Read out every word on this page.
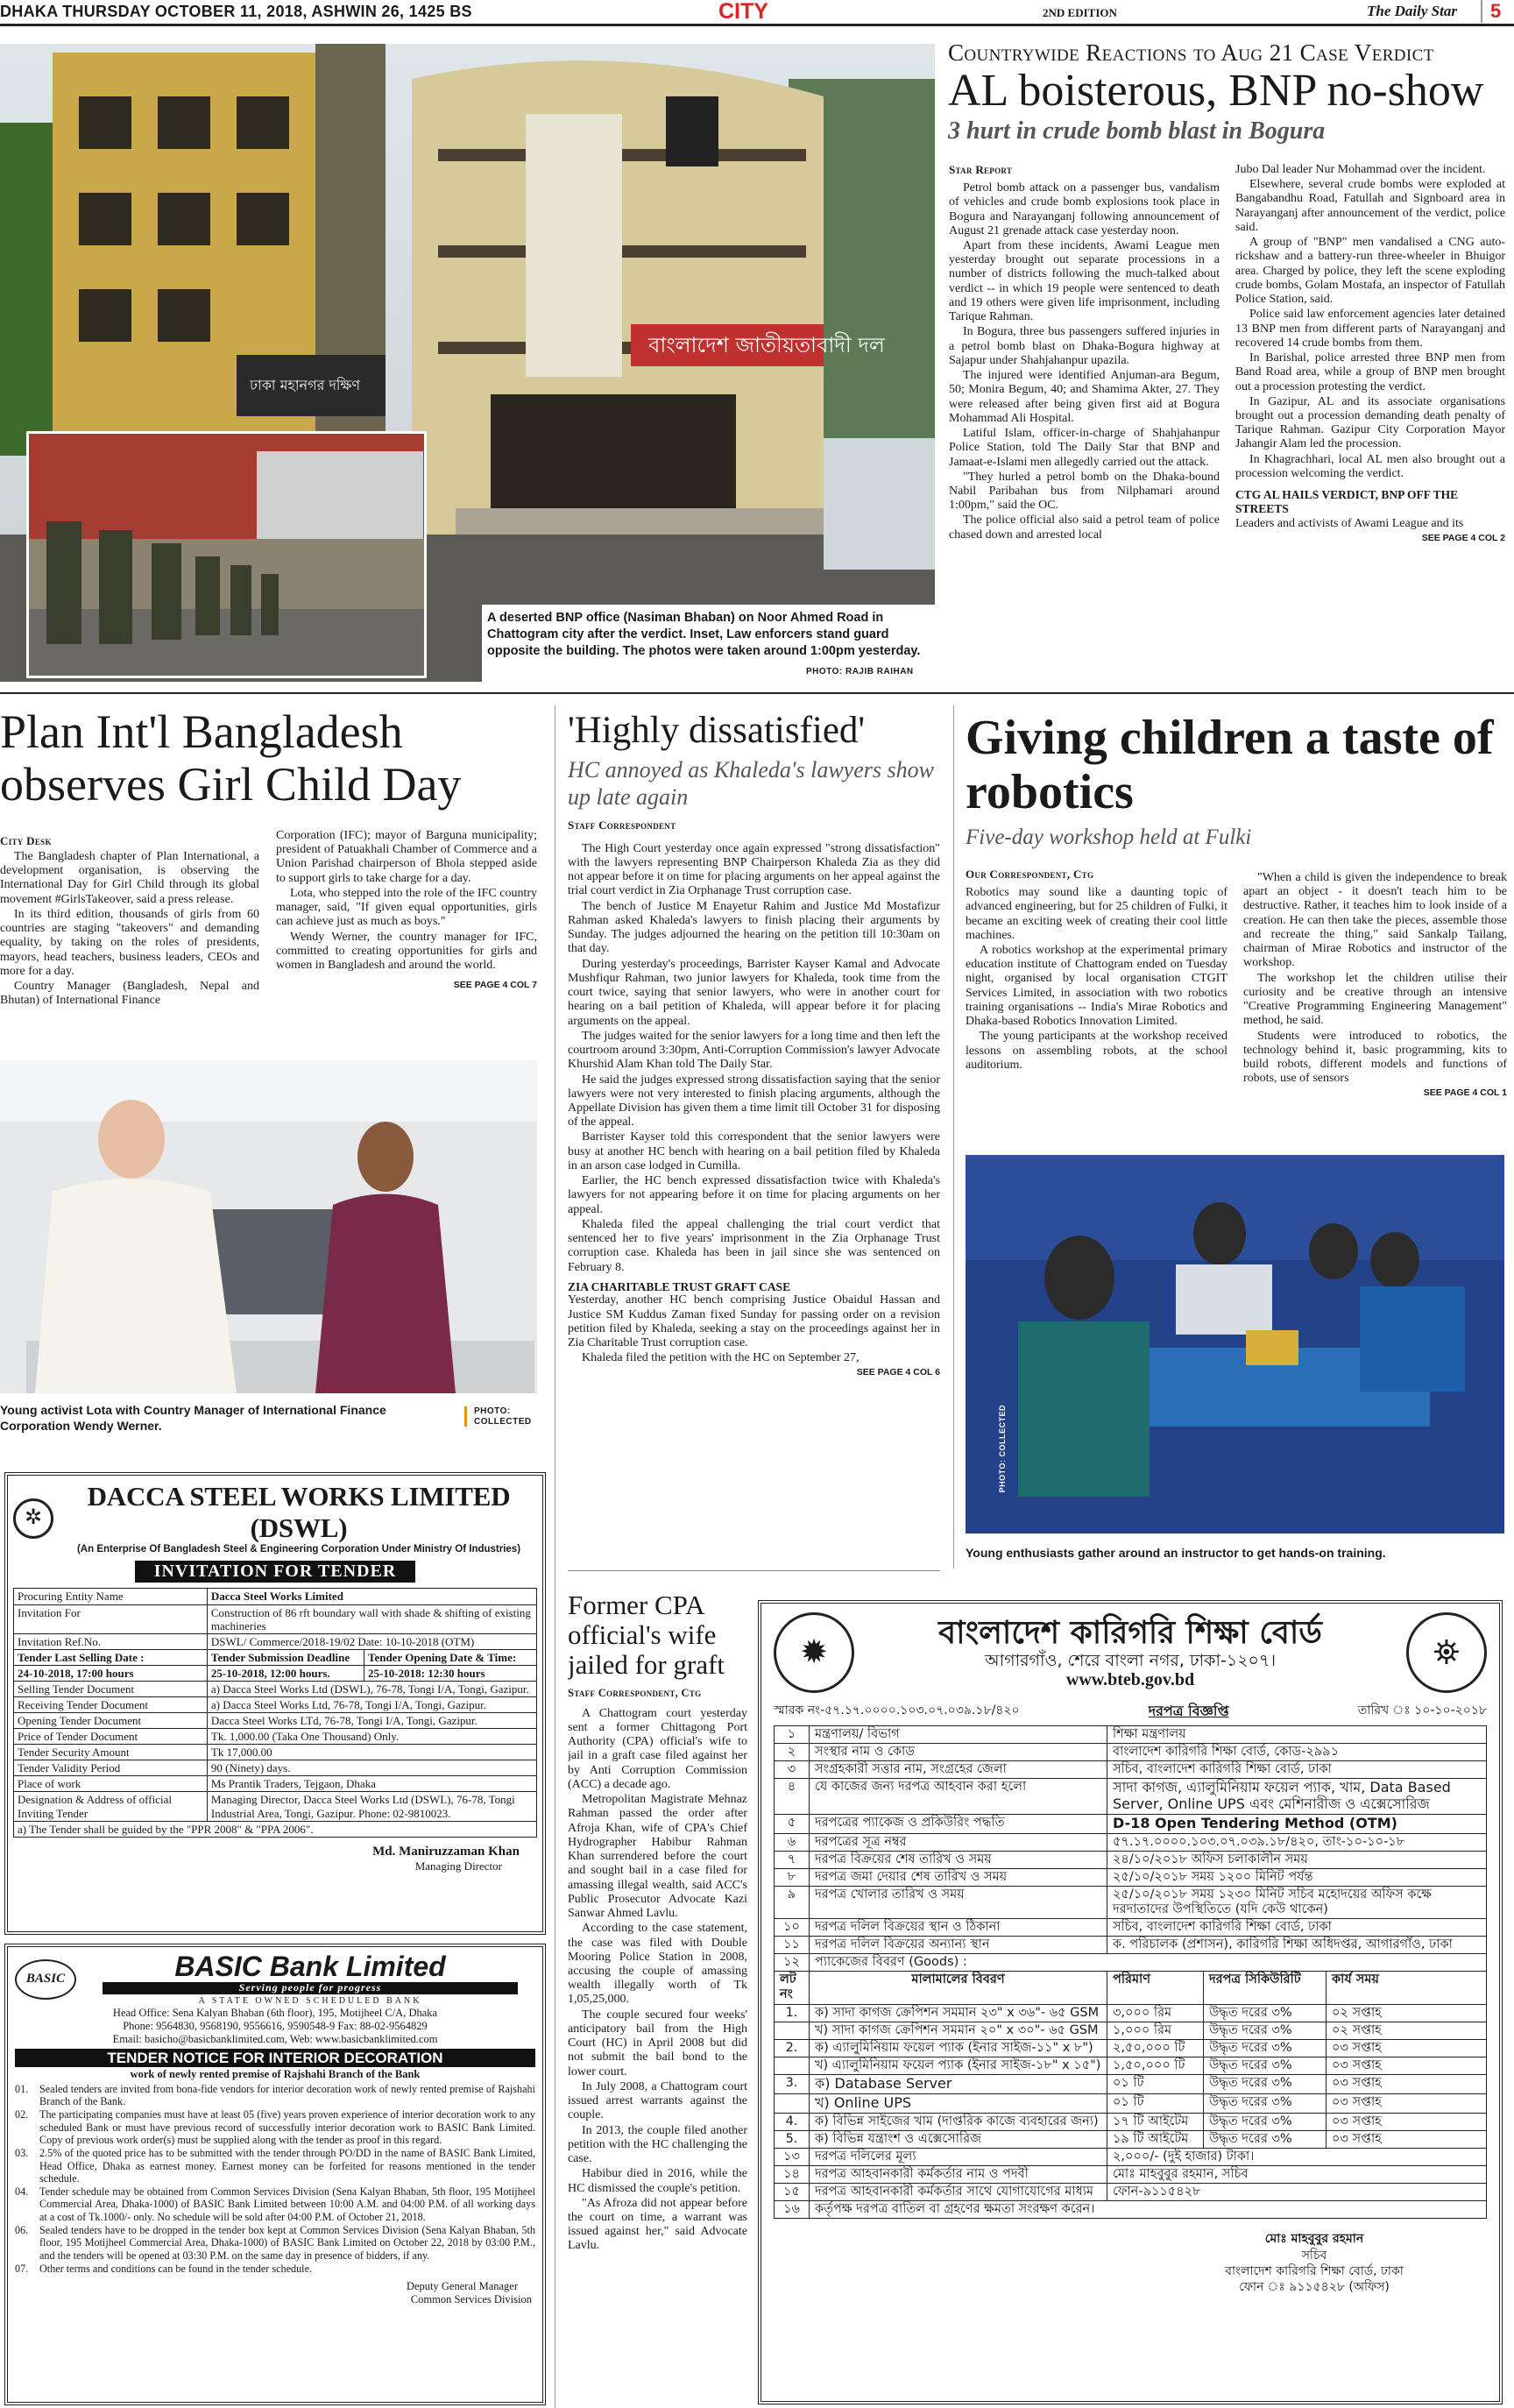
DHAKA THURSDAY OCTOBER 11, 2018, ASHWIN 26, 1425 BS	CITY	2ND EDITION	The Daily Star	5
বাংলাদেশ জাতীয়তাবাদী দল
ঢাকা মহানগর দক্ষিণ
A deserted BNP office (Nasiman Bhaban) on Noor Ahmed Road in Chattogram city after the verdict. Inset, Law enforcers stand guard opposite the building. The photos were taken around 1:00pm yesterday.
PHOTO: RAJIB RAIHAN
Countrywide Reactions to Aug 21 Case Verdict
AL boisterous, BNP no-show
3 hurt in crude bomb blast in Bogura
Star Report

Petrol bomb attack on a passenger bus, vandalism of vehicles and crude bomb explosions took place in Bogura and Narayanganj following announcement of August 21 grenade attack case yesterday noon.

Apart from these incidents, Awami League men yesterday brought out separate processions in a number of districts following the much-talked about verdict -- in which 19 people were sentenced to death and 19 others were given life imprisonment, including Tarique Rahman.

In Bogura, three bus passengers suffered injuries in a petrol bomb blast on Dhaka-Bogura highway at Sajapur under Shahjahanpur upazila.

The injured were identified Anjuman-ara Begum, 50; Monira Begum, 40; and Shamima Akter, 27. They were released after being given first aid at Bogura Mohammad Ali Hospital.

Latiful Islam, officer-in-charge of Shahjahanpur Police Station, told The Daily Star that BNP and Jamaat-e-Islami men allegedly carried out the attack.

"They hurled a petrol bomb on the Dhaka-bound Nabil Paribahan bus from Nilphamari around 1:00pm," said the OC.

The police official also said a petrol team of police chased down and arrested local

Jubo Dal leader Nur Mohammad over the incident.

Elsewhere, several crude bombs were exploded at Bangabandhu Road, Fatullah and Signboard area in Narayanganj after announcement of the verdict, police said.

A group of "BNP" men vandalised a CNG auto-rickshaw and a battery-run three-wheeler in Bhuigor area. Charged by police, they left the scene exploding crude bombs, Golam Mostafa, an inspector of Fatullah Police Station, said.

Police said law enforcement agencies later detained 13 BNP men from different parts of Narayanganj and recovered 14 crude bombs from them.

In Barishal, police arrested three BNP men from Band Road area, while a group of BNP men brought out a procession protesting the verdict.

In Gazipur, AL and its associate organisations brought out a procession demanding death penalty of Tarique Rahman. Gazipur City Corporation Mayor Jahangir Alam led the procession.

In Khagrachhari, local AL men also brought out a procession welcoming the verdict.

CTG AL HAILS VERDICT, BNP OFF THE STREETS

Leaders and activists of Awami League and its

SEE PAGE 4 COL 2
Plan Int'l Bangladesh observes Girl Child Day
City Desk

The Bangladesh chapter of Plan International, a development organisation, is observing the International Day for Girl Child through its global movement #GirlsTakeover, said a press release.

In its third edition, thousands of girls from 60 countries are staging "takeovers" and demanding equality, by taking on the roles of presidents, mayors, head teachers, business leaders, CEOs and more for a day.

Country Manager (Bangladesh, Nepal and Bhutan) of International Finance

Corporation (IFC); mayor of Barguna municipality; president of Patuakhali Chamber of Commerce and a Union Parishad chairperson of Bhola stepped aside to support girls to take charge for a day.

Lota, who stepped into the role of the IFC country manager, said, "If given equal opportunities, girls can achieve just as much as boys."

Wendy Werner, the country manager for IFC, committed to creating opportunities for girls and women in Bangladesh and around the world.

SEE PAGE 4 COL 7
Young activist Lota with Country Manager of International Finance Corporation Wendy Werner.
PHOTO: COLLECTED
'Highly dissatisfied'
HC annoyed as Khaleda's lawyers show up late again
Staff Correspondent

The High Court yesterday once again expressed "strong dissatisfaction" with the lawyers representing BNP Chairperson Khaleda Zia as they did not appear before it on time for placing arguments on her appeal against the trial court verdict in Zia Orphanage Trust corruption case.

The bench of Justice M Enayetur Rahim and Justice Md Mostafizur Rahman asked Khaleda's lawyers to finish placing their arguments by Sunday. The judges adjourned the hearing on the petition till 10:30am on that day.

During yesterday's proceedings, Barrister Kayser Kamal and Advocate Mushfiqur Rahman, two junior lawyers for Khaleda, took time from the court twice, saying that senior lawyers, who were in another court for hearing on a bail petition of Khaleda, will appear before it for placing arguments on the appeal.

The judges waited for the senior lawyers for a long time and then left the courtroom around 3:30pm, Anti-Corruption Commission's lawyer Advocate Khurshid Alam Khan told The Daily Star.

He said the judges expressed strong dissatisfaction saying that the senior lawyers were not very interested to finish placing arguments, although the Appellate Division has given them a time limit till October 31 for disposing of the appeal.

Barrister Kayser told this correspondent that the senior lawyers were busy at another HC bench with hearing on a bail petition filed by Khaleda in an arson case lodged in Cumilla.

Earlier, the HC bench expressed dissatisfaction twice with Khaleda's lawyers for not appearing before it on time for placing arguments on her appeal.

Khaleda filed the appeal challenging the trial court verdict that sentenced her to five years' imprisonment in the Zia Orphanage Trust corruption case. Khaleda has been in jail since she was sentenced on February 8.

ZIA CHARITABLE TRUST GRAFT CASE

Yesterday, another HC bench comprising Justice Obaidul Hassan and Justice SM Kuddus Zaman fixed Sunday for passing order on a revision petition filed by Khaleda, seeking a stay on the proceedings against her in Zia Charitable Trust corruption case.

Khaleda filed the petition with the HC on September 27,

SEE PAGE 4 COL 6
Giving children a taste of robotics
Five-day workshop held at Fulki
Our Correspondent, Ctg

Robotics may sound like a daunting topic of advanced engineering, but for 25 children of Fulki, it became an exciting week of creating their cool little machines.

A robotics workshop at the experimental primary education institute of Chattogram ended on Tuesday night, organised by local organisation CTGIT Services Limited, in association with two robotics training organisations -- India's Mirae Robotics and Dhaka-based Robotics Innovation Limited.

The young participants at the workshop received lessons on assembling robots, at the school auditorium.

"When a child is given the independence to break apart an object - it doesn't teach him to be destructive. Rather, it teaches him to look inside of a creation. He can then take the pieces, assemble those and recreate the thing," said Sankalp Tailang, chairman of Mirae Robotics and instructor of the workshop.

The workshop let the children utilise their curiosity and be creative through an intensive "Creative Programming Engineering Management" method, he said.

Students were introduced to robotics, the technology behind it, basic programming, kits to build robots, different models and functions of robots, use of sensors

SEE PAGE 4 COL 1
PHOTO: COLLECTED
Young enthusiasts gather around an instructor to get hands-on training.
Former CPA official's wife jailed for graft
Staff Correspondent, Ctg

A Chattogram court yesterday sent a former Chittagong Port Authority (CPA) official's wife to jail in a graft case filed against her by Anti Corruption Commission (ACC) a decade ago.

Metropolitan Magistrate Mehnaz Rahman passed the order after Afroja Khan, wife of CPA's Chief Hydrographer Habibur Rahman Khan surrendered before the court and sought bail in a case filed for amassing illegal wealth, said ACC's Public Prosecutor Advocate Kazi Sanwar Ahmed Lavlu.

According to the case statement, the case was filed with Double Mooring Police Station in 2008, accusing the couple of amassing wealth illegally worth of Tk 1,05,25,000.

The couple secured four weeks' anticipatory bail from the High Court (HC) in April 2008 but did not submit the bail bond to the lower court.

In July 2008, a Chattogram court issued arrest warrants against the couple.

In 2013, the couple filed another petition with the HC challenging the case.

Habibur died in 2016, while the HC dismissed the couple's petition.

"As Afroza did not appear before the court on time, a warrant was issued against her," said Advocate Lavlu.

✲
DACCA STEEL WORKS LIMITED (DSWL)
(An Enterprise Of Bangladesh Steel & Engineering Corporation Under Ministry Of Industries)
INVITATION FOR TENDER
Procuring Entity Name	Dacca Steel Works Limited	
Invitation For	Construction of 86 rft boundary wall with shade & shifting of existing machineries	
Invitation Ref.No.	DSWL/ Commerce/2018-19/02 Date: 10-10-2018 (OTM)	
Tender Last Selling Date :	Tender Submission Deadline	Tender Opening Date & Time:
24-10-2018, 17:00 hours	25-10-2018, 12:00 hours.	25-10-2018: 12:30 hours
Selling Tender Document	a) Dacca Steel Works Ltd (DSWL), 76-78, Tongi I/A, Tongi, Gazipur.	
Receiving Tender Document	a) Dacca Steel Works Ltd, 76-78, Tongi I/A, Tongi, Gazipur.	
Opening Tender Document	Dacca Steel Works LTd, 76-78, Tongi I/A, Tongi, Gazipur.	
Price of Tender Document	Tk. 1,000.00 (Taka One Thousand) Only.	
Tender Security Amount	Tk 17,000.00	
Tender Validity Period	90 (Ninety) days.	
Place of work	Ms Prantik Traders, Tejgaon, Dhaka	
Designation & Address of official Inviting Tender	Managing Director, Dacca Steel Works Ltd (DSWL), 76-78, Tongi Industrial Area, Tongi, Gazipur. Phone: 02-9810023.	
a) The Tender shall be guided by the "PPR 2008" & "PPA 2006".		
Md. Maniruzzaman Khan
Managing Director
BASIC	BASIC Bank Limited
Serving people for progress
A STATE OWNED SCHEDULED BANK
Head Office: Sena Kalyan Bhaban (6th floor), 195, Motijheel C/A, Dhaka
Phone: 9564830, 9568190, 9556616, 9590548-9 Fax: 88-02-9564829
Email: basicho@basicbanklimited.com, Web: www.basicbanklimited.com
TENDER NOTICE FOR INTERIOR DECORATION
work of newly rented premise of Rajshahi Branch of the Bank
01.	Sealed tenders are invited from bona-fide vendors for interior decoration work of newly rented premise of Rajshahi Branch of the Bank.
02.	The participating companies must have at least 05 (five) years proven experience of interior decoration work to any scheduled Bank or must have previous record of successfully interior decoration work to BASIC Bank Limited. Copy of previous work order(s) must be supplied along with the tender as proof in this regard.
03.	2.5% of the quoted price has to be submitted with the tender through PO/DD in the name of BASIC Bank Limited, Head Office, Dhaka as earnest money. Earnest money can be forfeited for reasons mentioned in the tender schedule.
04.	Tender schedule may be obtained from Common Services Division (Sena Kalyan Bhaban, 5th floor, 195 Motijheel Commercial Area, Dhaka-1000) of BASIC Bank Limited between 10:00 A.M. and 04:00 P.M. of all working days at a cost of Tk.1000/- only. No schedule will be sold after 04:00 P.M. of October 21, 2018.
06.	Sealed tenders have to be dropped in the tender box kept at Common Services Division (Sena Kalyan Bhaban, 5th floor, 195 Motijheel Commercial Area, Dhaka-1000) of BASIC Bank Limited on October 22, 2018 by 03:00 P.M., and the tenders will be opened at 03:30 P.M. on the same day in presence of bidders, if any.
07.	Other terms and conditions can be found in the tender schedule.
Deputy General Manager
Common Services Division
✹
বাংলাদেশ কারিগরি শিক্ষা বোর্ড
আগারগাঁও, শেরে বাংলা নগর, ঢাকা-১২০৭।
www.bteb.gov.bd
⛯
স্মারক নং-৫৭.১৭.০০০০.১০৩.০৭.০৩৯.১৮/৪২০	দরপত্র বিজ্ঞপ্তি	তারিখ ঃ ১০-১০-২০১৮
১	মন্ত্রণালয়/ বিভাগ	শিক্ষা মন্ত্রণালয়		
২	সংস্থার নাম ও কোড	বাংলাদেশ কারিগরি শিক্ষা বোর্ড, কোড-২৯৯১		
৩	সংগ্রহকারী সত্তার নাম, সংগ্রহের জেলা	সচিব, বাংলাদেশ কারিগরি শিক্ষা বোর্ড, ঢাকা		
৪	যে কাজের জন্য দরপত্র আহবান করা হলো	সাদা কাগজ, এ্যালুমিনিয়াম ফয়েল প্যাক, খাম, Data Based Server, Online UPS এবং মেশিনারীজ ও এক্সেসোরিজ		
৫	দরপত্রের প্যাকেজ ও প্রকিউরিং পদ্ধতি	D-18 Open Tendering Method (OTM)		
৬	দরপত্রের সূত্র নম্বর	৫৭.১৭.০০০০.১০৩.০৭.০৩৯.১৮/৪২০, তাং-১০-১০-১৮		
৭	দরপত্র বিক্রয়ের শেষ তারিখ ও সময়	২৪/১০/২০১৮ অফিস চলাকালীন সময়		
৮	দরপত্র জমা দেয়ার শেষ তারিখ ও সময়	২৫/১০/২০১৮ সময় ১২০০ মিনিট পর্যন্ত		
৯	দরপত্র খোলার তারিখ ও সময়	২৫/১০/২০১৮ সময় ১২৩০ মিনিট সচিব মহোদয়ের অফিস কক্ষে দরদাতাদের উপস্থিতিতে (যদি কেউ থাকেন)		
১০	দরপত্র দলিল বিক্রয়ের স্থান ও ঠিকানা	সচিব, বাংলাদেশ কারিগরি শিক্ষা বোর্ড, ঢাকা		
১১	দরপত্র দলিল বিক্রয়ের অন্যান্য স্থান	ক. পরিচালক (প্রশাসন), কারিগরি শিক্ষা অধিদপ্তর, আগারগাঁও, ঢাকা		
১২	প্যাকেজের বিবরণ (Goods) :			
লট নং	মালামালের বিবরণ	পরিমাণ	দরপত্র সিকিউরিটি	কার্য সময়
1.	ক) সাদা কাগজ ক্রেপিশন সমমান ২৩" x ৩৬"- ৬৫ GSM	৩,০০০ রিম	উদ্ধৃত দরের ৩%	০২ সপ্তাহ
	খ) সাদা কাগজ ক্রেপিশন সমমান ২০" x ৩০"- ৬৫ GSM	১,০০০ রিম	উদ্ধৃত দরের ৩%	০২ সপ্তাহ
2.	ক) এ্যালুমিনিয়াম ফয়েল প্যাক (ইনার সাইজ-১১" x ৮")	২,৫০,০০০ টি	উদ্ধৃত দরের ৩%	০৩ সপ্তাহ
	খ) এ্যালুমিনিয়াম ফয়েল প্যাক (ইনার সাইজ-১৮" x ১৫")	১,৫০,০০০ টি	উদ্ধৃত দরের ৩%	০৩ সপ্তাহ
3.	ক) Database Server	০১ টি	উদ্ধৃত দরের ৩%	০৩ সপ্তাহ
	খ) Online UPS	০১ টি	উদ্ধৃত দরের ৩%	০৩ সপ্তাহ
4.	ক) বিভিন্ন সাইজের খাম (দাপ্তরিক কাজে ব্যবহারের জন্য)	১৭ টি আইটেম	উদ্ধৃত দরের ৩%	০৩ সপ্তাহ
5.	ক) বিভিন্ন যন্ত্রাংশ ও এক্সেসোরিজ	১৯ টি আইটেম	উদ্ধৃত দরের ৩%	০৩ সপ্তাহ
১৩	দরপত্র দলিলের মূল্য	২,০০০/- (দুই হাজার) টাকা।		
১৪	দরপত্র আহবানকারী কর্মকর্তার নাম ও পদবী	মোঃ মাহবুবুর রহমান, সচিব		
১৫	দরপত্র আহবানকারী কর্মকর্তার সাথে যোগাযোগের মাধ্যম	ফোন-৯১১৫৪২৮		
১৬	কর্তৃপক্ষ দরপত্র বাতিল বা গ্রহণের ক্ষমতা সংরক্ষণ করেন।			
মোঃ মাহবুবুর রহমান
সচিব
বাংলাদেশ কারিগরি শিক্ষা বোর্ড, ঢাকা
ফোন ঃ ৯১১৫৪২৮ (অফিস)
